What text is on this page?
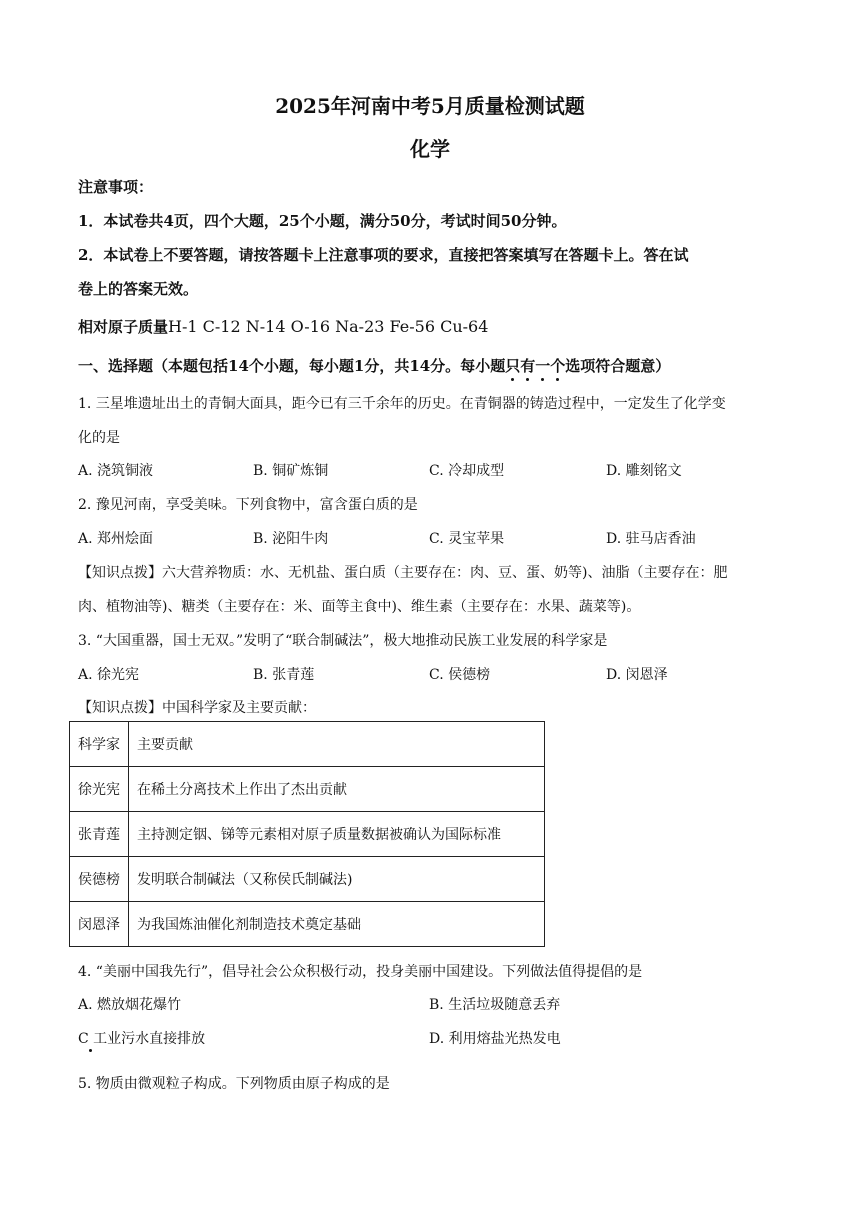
2025年河南中考5月质量检测试题
化学
注意事项：
1．本试卷共4页，四个大题，25个小题，满分50分，考试时间50分钟。
2．本试卷上不要答题，请按答题卡上注意事项的要求，直接把答案填写在答题卡上。答在试
卷上的答案无效。
相对原子质量H-1 C-12 N-14 O-16 Na-23 Fe-56 Cu-64
一、选择题（本题包括14个小题，每小题1分，共14分。每小题只有一个选项符合题意）
1. 三星堆遗址出土的青铜大面具，距今已有三千余年的历史。在青铜器的铸造过程中，一定发生了化学变
化的是
A. 浇筑铜液	B. 铜矿炼铜	C. 冷却成型	D. 雕刻铭文
2. 豫见河南，享受美味。下列食物中，富含蛋白质的是
A. 郑州烩面	B. 泌阳牛肉	C. 灵宝苹果	D. 驻马店香油
【知识点拨】六大营养物质：水、无机盐、蛋白质（主要存在：肉、豆、蛋、奶等)、油脂（主要存在：肥
肉、植物油等)、糖类（主要存在：米、面等主食中)、维生素（主要存在：水果、蔬菜等)。
3. “大国重器，国士无双。”发明了“联合制碱法”，极大地推动民族工业发展的科学家是
A. 徐光宪	B. 张青莲	C. 侯德榜	D. 闵恩泽
【知识点拨】中国科学家及主要贡献：
科学家	主要贡献
徐光宪	在稀土分离技术上作出了杰出贡献
张青莲	主持测定铟、锑等元素相对原子质量数据被确认为国际标准
侯德榜	发明联合制碱法（又称侯氏制碱法)
闵恩泽	为我国炼油催化剂制造技术奠定基础
4. “美丽中国我先行”，倡导社会公众积极行动，投身美丽中国建设。下列做法值得提倡的是
A. 燃放烟花爆竹	B. 生活垃圾随意丢弃
C 工业污水直接排放	D. 利用熔盐光热发电
5. 物质由微观粒子构成。下列物质由原子构成的是
